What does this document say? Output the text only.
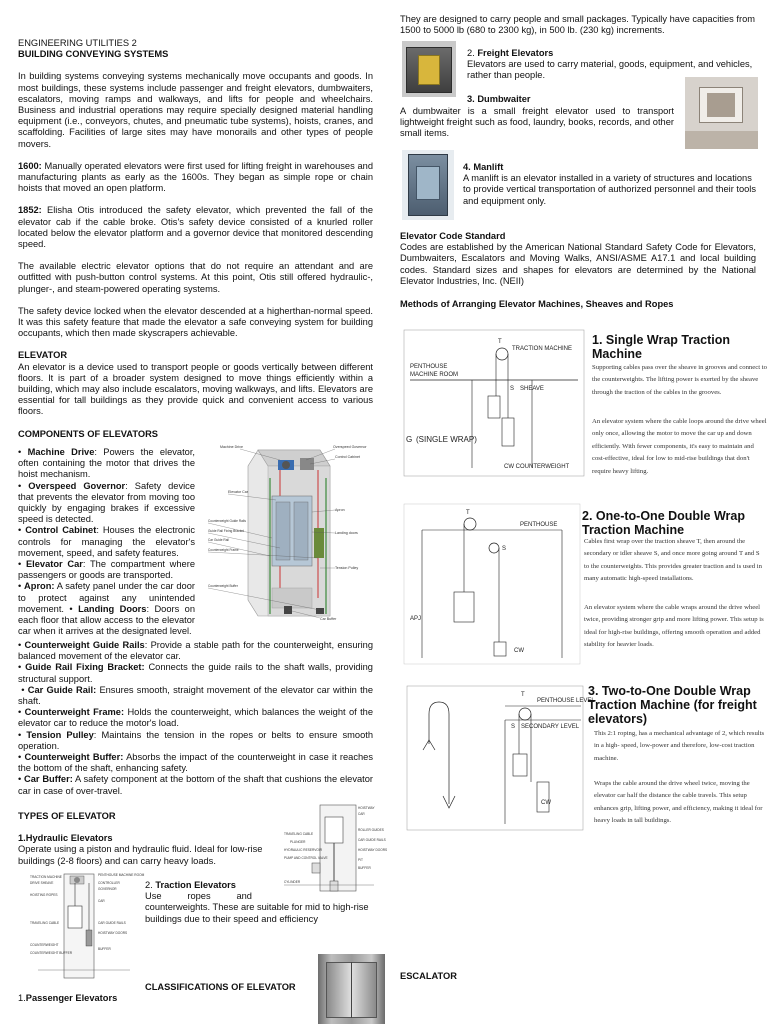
ENGINEERING UTILITIES 2
BUILDING CONVEYING SYSTEMS

In building systems conveying systems mechanically move occupants and goods. In most buildings, these systems include passenger and freight elevators, dumbwaiters, escalators, moving ramps and walkways, and lifts for people and wheelchairs. Business and industrial operations may require specially designed material handling equipment (i.e., conveyors, chutes, and pneumatic tube systems), hoists, cranes, and scaffolding. Facilities of large sites may have monorails and other types of people movers.

1600: Manually operated elevators were first used for lifting freight in warehouses and manufacturing plants as early as the 1600s. They began as simple rope or chain hoists that moved an open platform.

1852: Elisha Otis introduced the safety elevator, which prevented the fall of the elevator cab if the cable broke. Otis's safety device consisted of a knurled roller located below the elevator platform and a governor device that monitored descending speed.

The available electric elevator options that do not require an attendant and are outfitted with push-button control systems. At this point, Otis still offered hydraulic-, plunger-, and steam-powered operating systems.

The safety device locked when the elevator descended at a higherthan-normal speed. It was this safety feature that made the elevator a safe conveying system for building occupants, which then made skyscrapers achievable.

ELEVATOR

An elevator is a device used to transport people or goods vertically between different floors. It is part of a broader system designed to move things efficiently within a building, which may also include escalators, moving walkways, and lifts. Elevators are essential for tall buildings as they provide quick and convenient access to various floors.

COMPONENTS OF ELEVATORS

• Machine Drive: Powers the elevator, often containing the motor that drives the hoist mechanism.

• Overspeed Governor: Safety device that prevents the elevator from moving too quickly by engaging brakes if excessive speed is detected.

• Control Cabinet: Houses the electronic controls for managing the elevator's movement, speed, and safety features.

• Elevator Car: The compartment where passengers or goods are transported.

• Apron: A safety panel under the car door to protect against any unintended movement. • Landing Doors: Doors on each floor that allow access to the elevator car when it arrives at the designated level.

• Counterweight Guide Rails: Provide a stable path for the counterweight, ensuring balanced movement of the elevator car.

• Guide Rail Fixing Bracket: Connects the guide rails to the shaft walls, providing structural support.

• Car Guide Rail: Ensures smooth, straight movement of the elevator car within the shaft.

• Counterweight Frame: Holds the counterweight, which balances the weight of the elevator car to reduce the motor's load.

• Tension Pulley: Maintains the tension in the ropes or belts to ensure smooth operation.

• Counterweight Buffer: Absorbs the impact of the counterweight in case it reaches the bottom of the shaft, enhancing safety.

• Car Buffer: A safety component at the bottom of the shaft that cushions the elevator car in case of over-travel.

Machine Drive	Overspeed Governor
Control Cabinet
Elevator Car
Apron
Counterweight Guide Rails
Landing doors
Guide Rail Fixing Bracket
Car Guide Rail
Counterweight Frame
Tension Pulley
Counterweight Buffer
Car Buffer
TYPES OF ELEVATOR
1.Hydraulic Elevators

Operate using a piston and hydraulic fluid. Ideal for low-rise buildings (2-8 floors) and can carry heavy loads.

HOISTWAY
CAR
ROLLER GUIDES
TRAVELING CABLE
PLUNGER
HYDRAULIC RESERVOIR
PUMP AND CONTROL VALVE
CYLINDER
CAR GUIDE RAILS
HOISTWAY DOORS
PIT
BUFFER
TRACTION MACHINE
DRIVE SHEAVE
HOISTING ROPES
TRAVELING CABLE
COUNTERWEIGHT
COUNTERWEIGHT BUFFER
PENTHOUSE MACHINE ROOM
CONTROLLER
GOVERNOR
CAR
CAR GUIDE RAILS
HOISTWAY DOORS
BUFFER

2. Traction Elevators

Use          ropes          and

counterweights. These are suitable for mid to high-rise buildings due to their speed and efficiency

CLASSIFICATIONS OF ELEVATOR
1.Passenger Elevators
They are designed to carry people and small packages. Typically have capacities from 1500 to 5000 lb (680 to 2300 kg), in 500 lb. (230 kg) increments.

2. Freight Elevators

Elevators are used to carry material, goods, equipment, and vehicles, rather than people.

3. Dumbwaiter
A dumbwaiter is a small freight elevator used to transport lightweight freight such as food, laundry, books, records, and other small items.
4. Manlift

A manlift is an elevator installed in a variety of structures and locations to provide vertical transportation of authorized personnel and their tools and equipment only.

Elevator Code Standard

Codes are established by the American National Standard Safety Code for Elevators, Dumbwaiters, Escalators and Moving Walks, ANSI/ASME A17.1 and local building codes. Standard sizes and shapes for elevators are determined by the National Elevator Industries, Inc. (NEII)

Methods of Arranging Elevator Machines, Sheaves and Ropes
T
TRACTION MACHINE
PENTHOUSE
MACHINE ROOM
S SHEAVE
G (SINGLE WRAP)
CW COUNTERWEIGHT
1. Single Wrap Traction Machine
Supporting cables pass over the sheave in grooves and connect to the counterweights. The lifting power is exerted by the sheave through the traction of the cables in the grooves.
An elevator system where the cable loops around the drive wheel only once, allowing the motor to move the car up and down efficiently. With fewer components, it's easy to maintain and cost-effective, ideal for low to mid-rise buildings that don't require heavy lifting.
T
PENTHOUSE
S
APJ
CW
2. One-to-One Double Wrap Traction Machine
Cables first wrap over the traction sheave T, then around the secondary or idler sheave S, and once more going around T and S to the counterweights. This provides greater traction and is used in many automatic high-speed installations.
An elevator system where the cable wraps around the drive wheel twice, providing stronger grip and more lifting power. This setup is ideal for high-rise buildings, offering smooth operation and added stability for heavier loads.
T
PENTHOUSE LEVEL
S SECONDARY LEVEL
CW
3. Two-to-One Double Wrap Traction Machine (for freight elevators)
This 2:1 roping, has a mechanical advantage of 2, which results in a high- speed, low-power and therefore, low-cost traction machine.
Wraps the cable around the drive wheel twice, moving the elevator car half the distance the cable travels. This setup enhances grip, lifting power, and efficiency, making it ideal for heavy loads in tall buildings.
ESCALATOR
